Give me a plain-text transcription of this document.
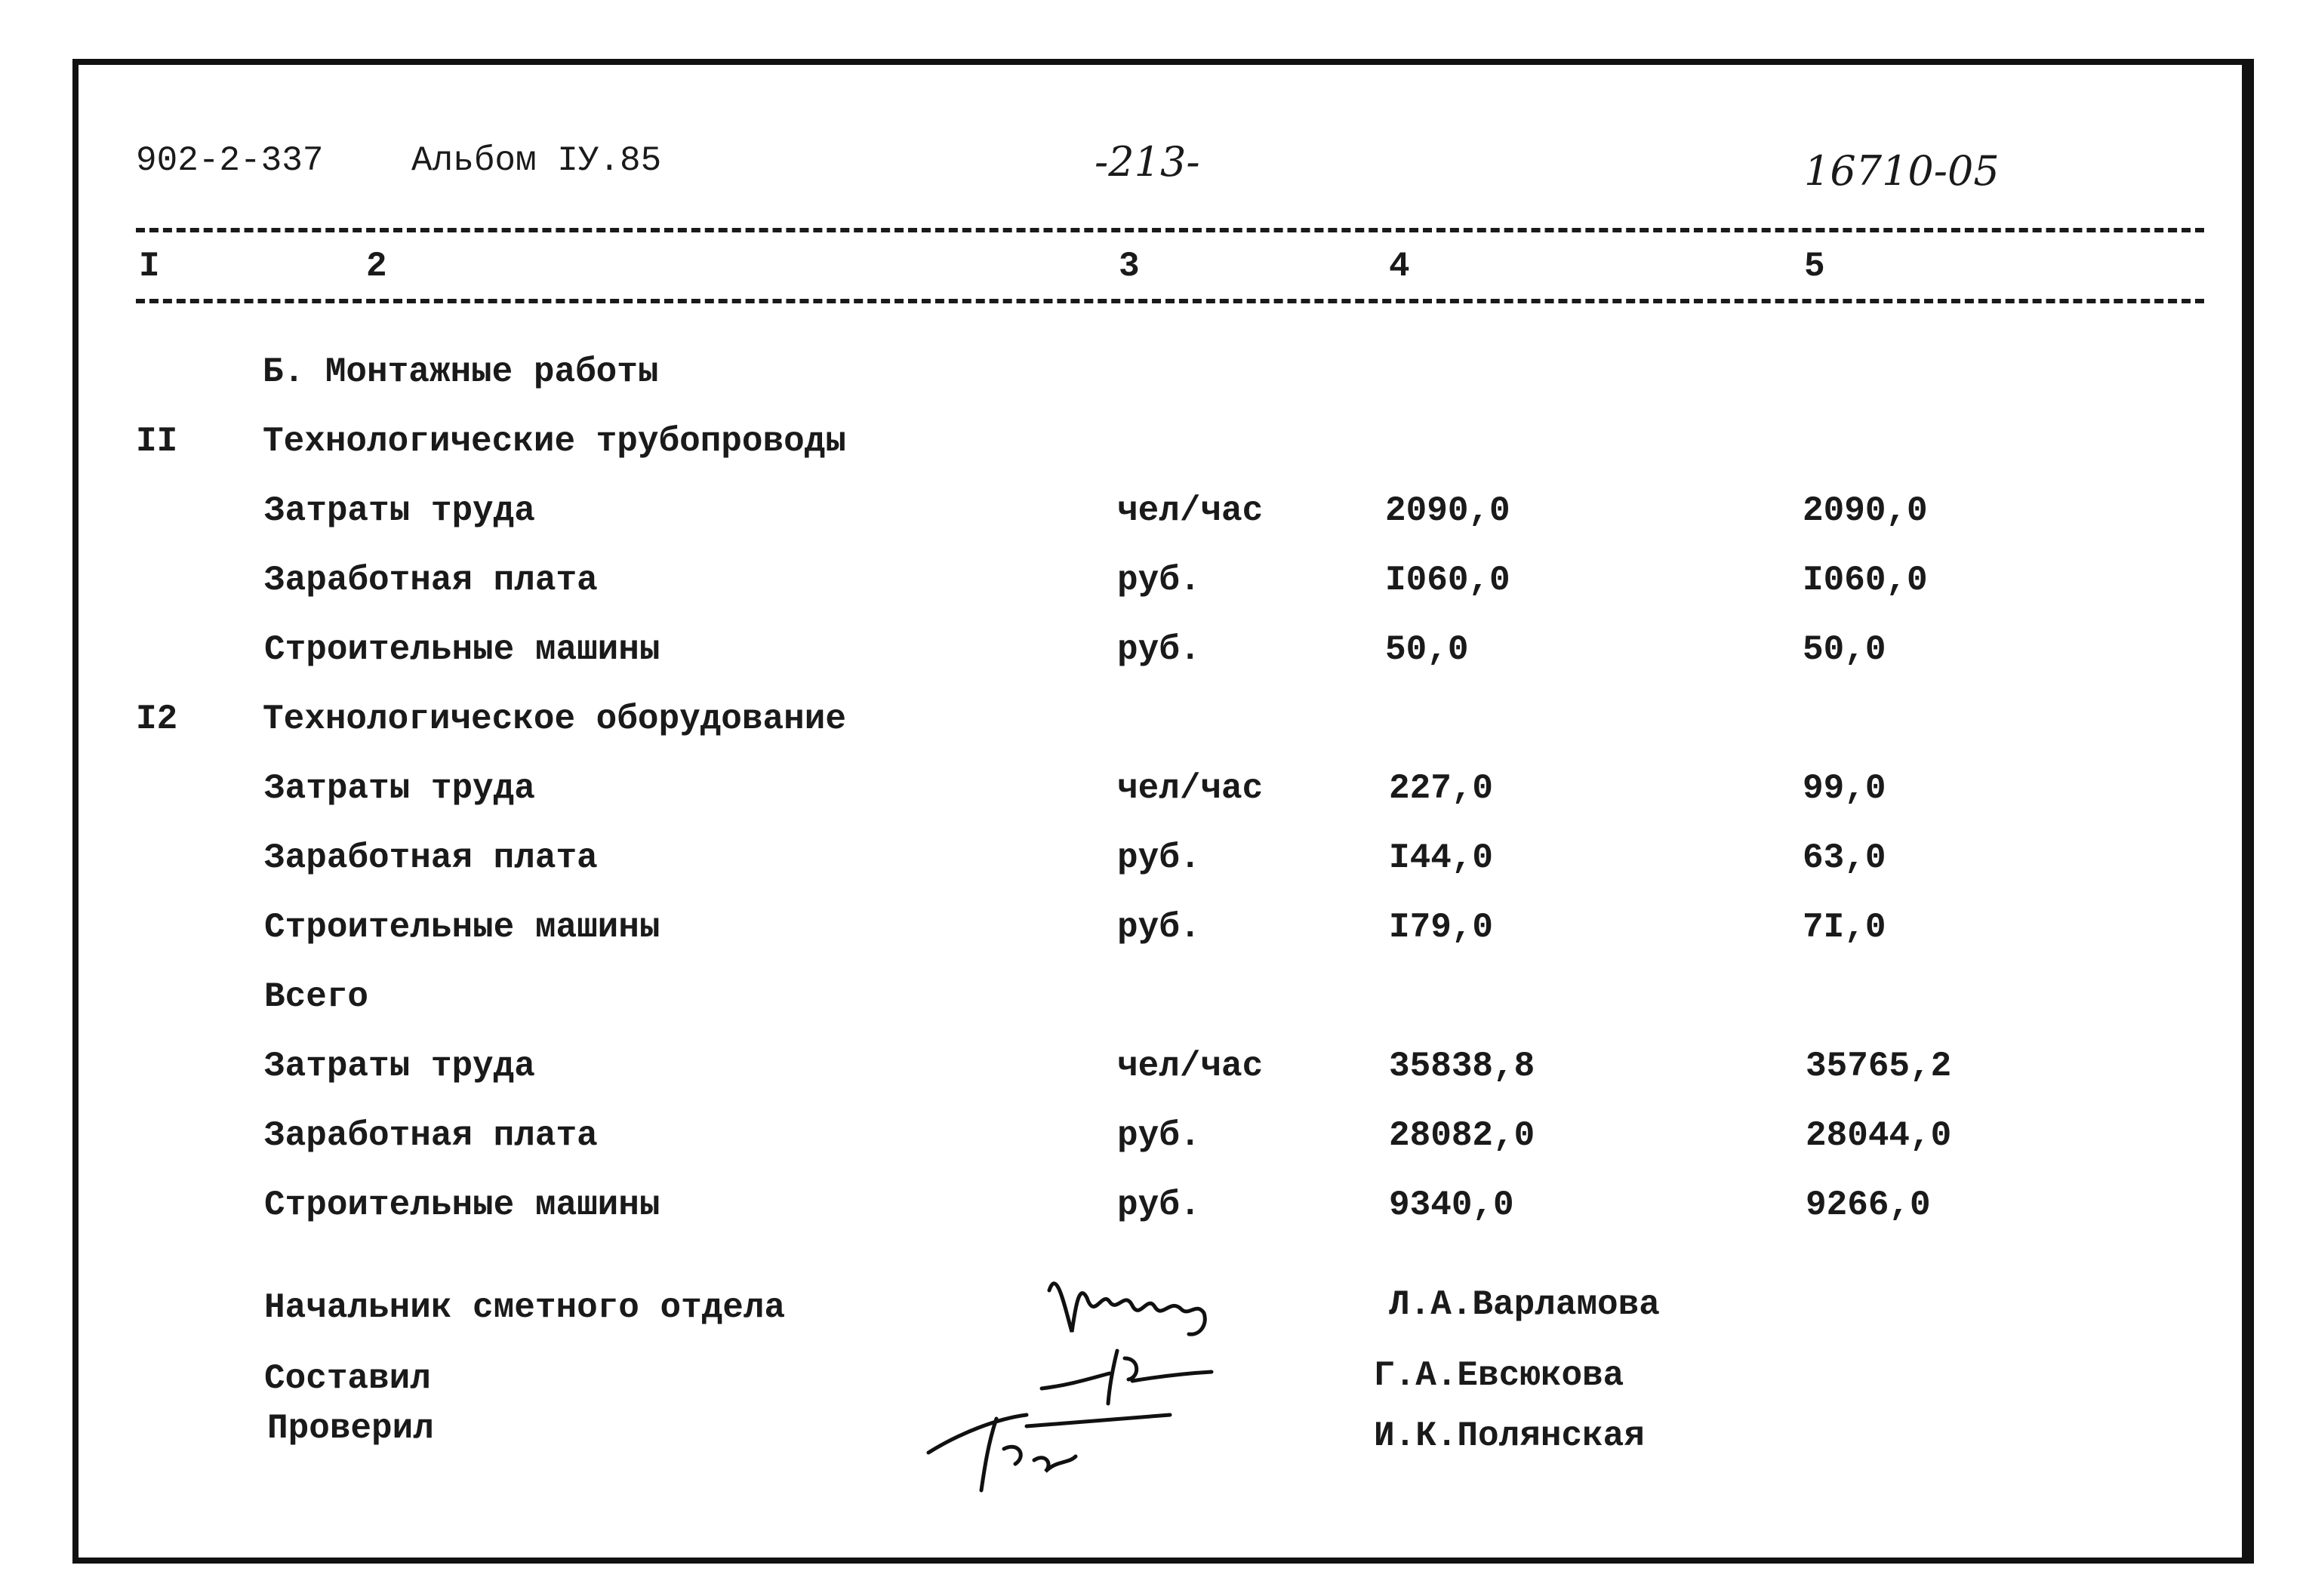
902-2-337	Альбом IУ.85	-213-	16710-05
I	2	3	4	5
Б. Монтажные работы
II Технологические трубопроводы
Затраты труда	чел/час	2090,0	2090,0
Заработная плата	руб.	I060,0	I060,0
Строительные машины	руб.	50,0	50,0
I2 Технологическое оборудование
Затраты труда	чел/час	227,0	99,0
Заработная плата	руб.	I44,0	63,0
Строительные машины	руб.	I79,0	7I,0
Всего
Затраты труда	чел/час	35838,8	35765,2
Заработная плата	руб.	28082,0	28044,0
Строительные машины	руб.	9340,0	9266,0
Начальник сметного отдела	Л.А.Варламова
Составил	Г.А.Евсюкова
Проверил	И.К.Полянская
